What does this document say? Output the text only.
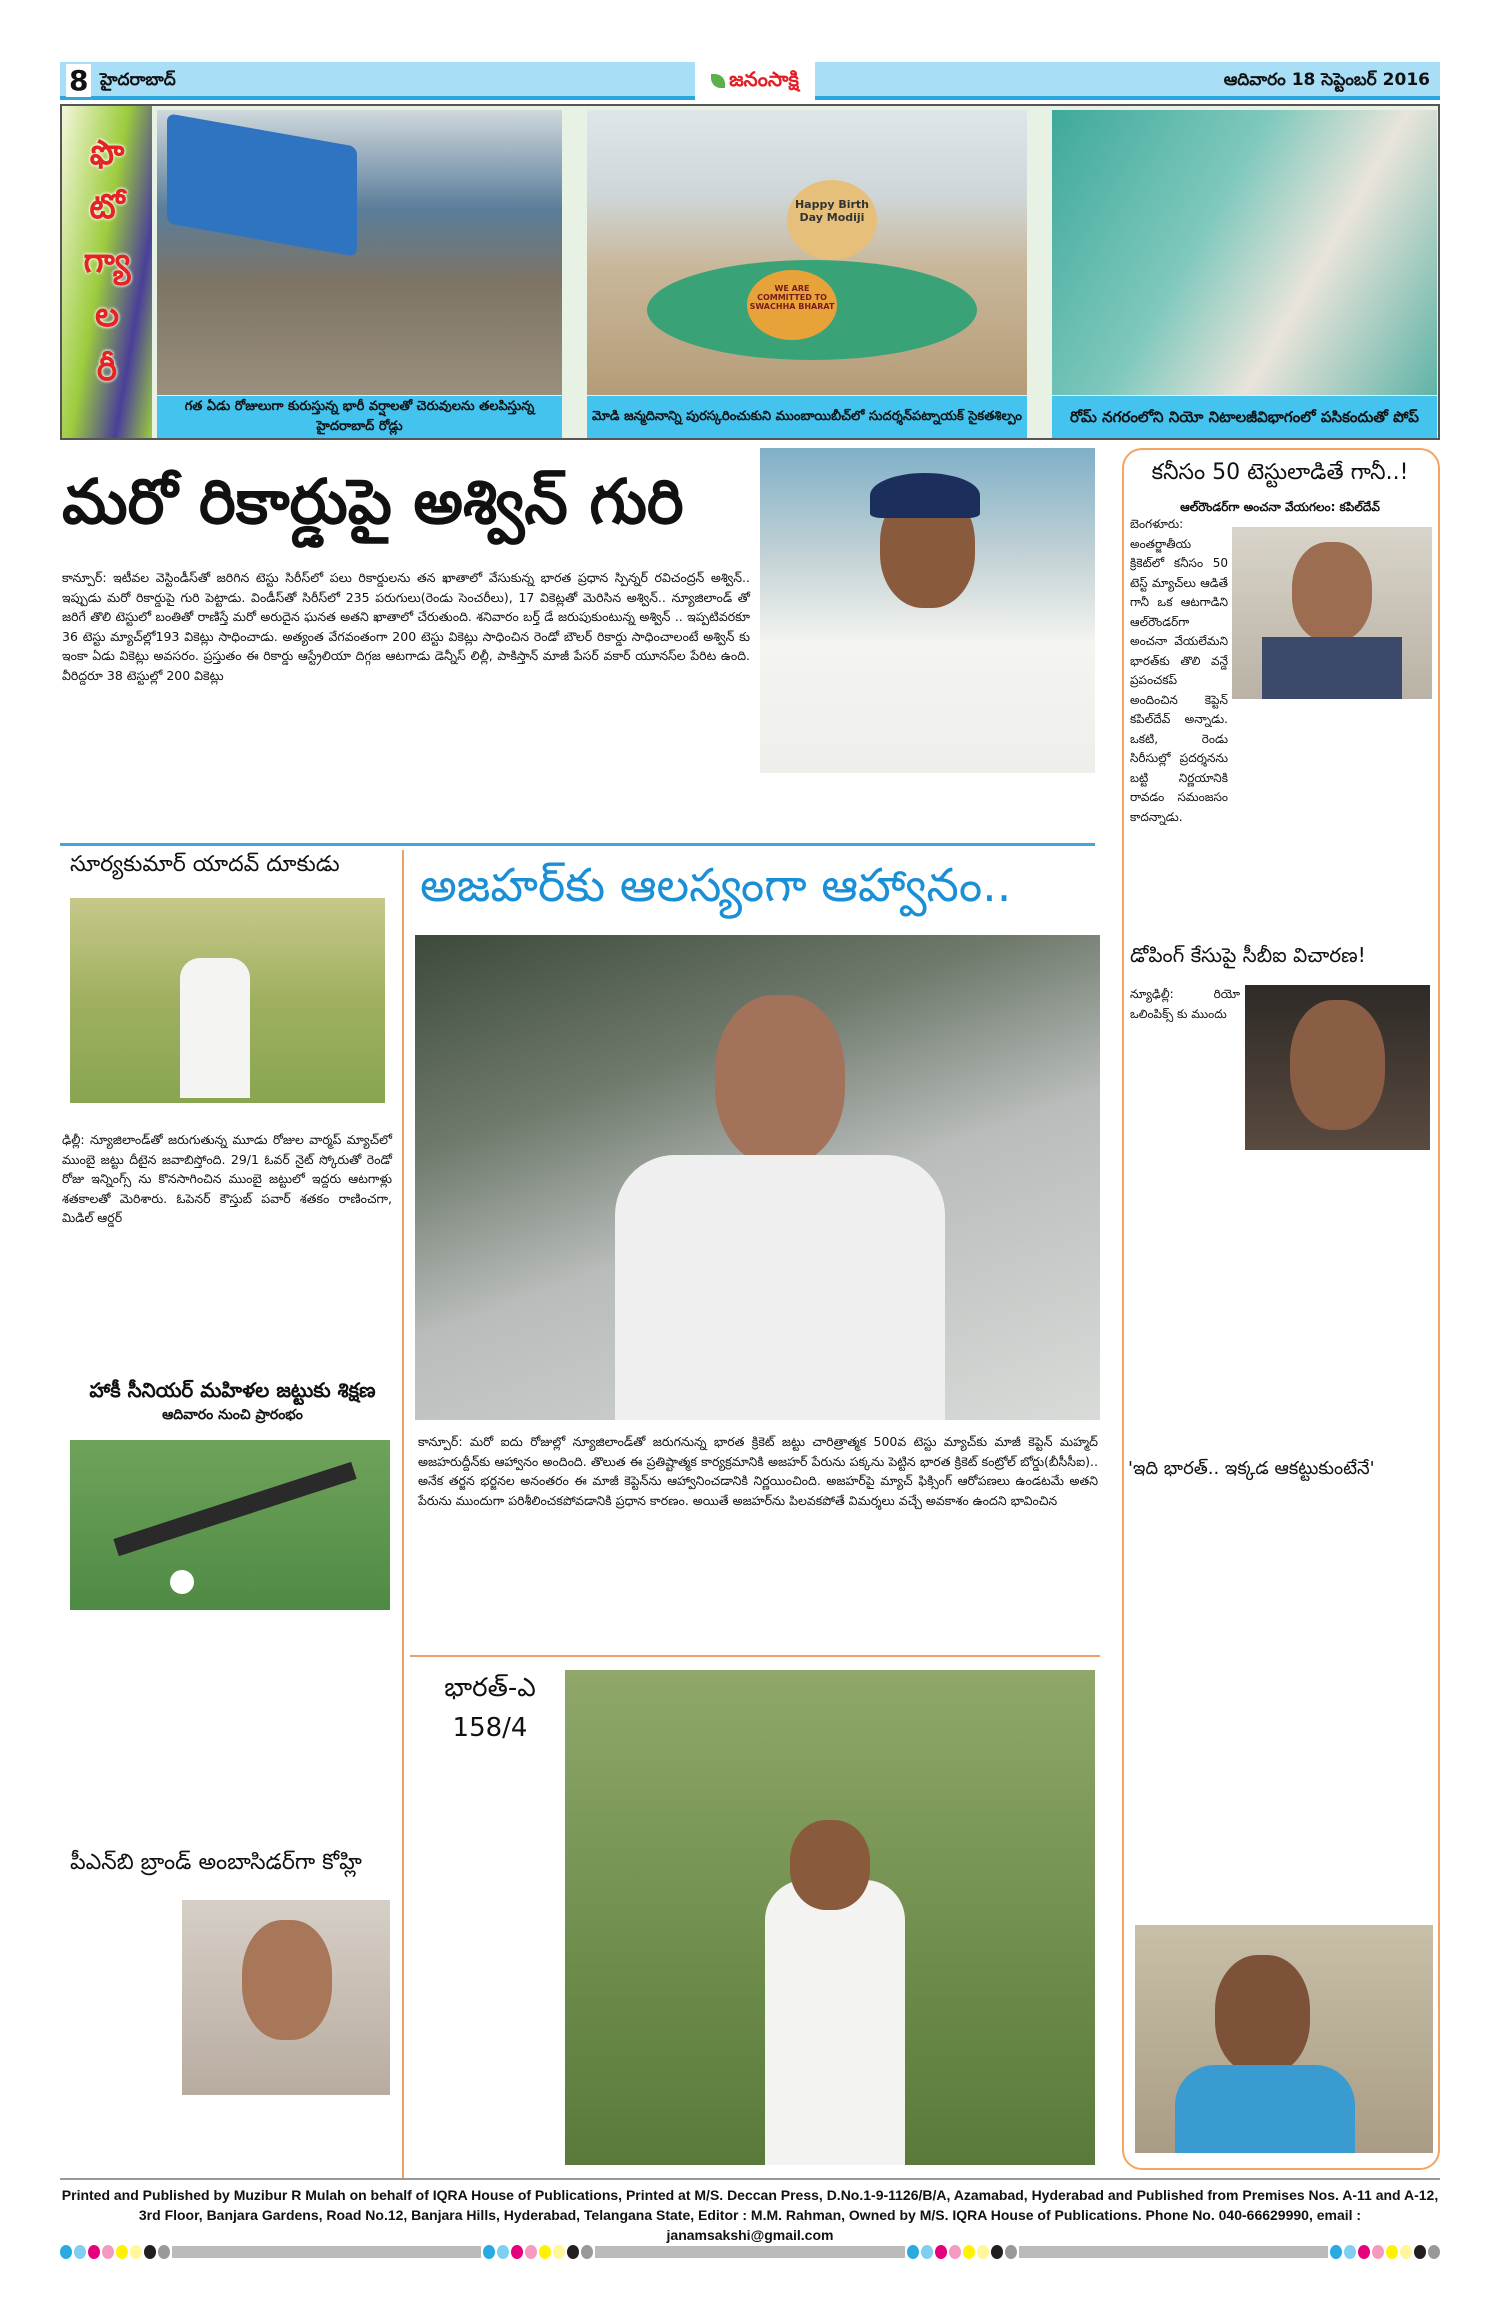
8 హైదరాబాద్	జనంసాక్షి	ఆదివారం 18 సెప్టెంబర్ 2016
ఫొ
టో
గ్యా
ల
రీ
Happy Birth Day Modiji
WE ARE COMMITTED TO SWACHHA BHARAT
గత ఏడు రోజులుగా కురుస్తున్న భారీ వర్షాలతో చెరువులను తలపిస్తున్న హైదరాబాద్ రోడ్లు
మోడి జన్మదినాన్ని పురస్కరించుకుని ముంబాయిబీచ్‌లో సుదర్శన్‌పట్నాయక్ సైకతశిల్పం	రోమ్ నగరంలోని నియో నిటాలజీవిభాగంలో పసికందుతో పోప్
మరో రికార్డుపై అశ్విన్ గురి

కాన్పూర్: ఇటీవల వెస్టిండీస్‌తో జరిగిన టెస్టు సిరీస్‌లో పలు రికార్డులను తన ఖాతాలో వేసుకున్న భారత ప్రధాన స్పిన్నర్ రవిచంద్రన్ అశ్విన్.. ఇప్పుడు మరో రికార్డుపై గురి పెట్టాడు. విండీస్‌తో సిరీస్‌లో 235 పరుగులు(రెండు సెంచరీలు), 17 వికెట్లతో మెరిసిన అశ్విన్.. న్యూజిలాండ్ తో జరిగే తొలి టెస్టులో బంతితో రాణిస్తే మరో అరుదైన ఘనత అతని ఖాతాలో చేరుతుంది. శనివారం బర్త్ డే జరుపుకుంటున్న అశ్విన్ .. ఇప్పటివరకూ 36 టెస్టు మ్యాచ్‌ల్లో193 వికెట్లు సాధించాడు. అత్యంత వేగవంతంగా 200 టెస్టు వికెట్లు సాధించిన రెండో బౌలర్ రికార్డు సాధించాలంటే అశ్విన్ కు ఇంకా ఏడు వికెట్లు అవసరం. ప్రస్తుతం ఈ రికార్డు ఆస్ట్రేలియా దిగ్గజ ఆటగాడు డెన్నీస్ లిల్లీ, పాకిస్తాన్ మాజీ పేసర్ వకార్ యూనస్‌ల పేరిట ఉంది. వీరిద్దరూ 38 టెస్టుల్లో 200 వికెట్లు

సూర్యకుమార్ యాదవ్ దూకుడు

ఢిల్లీ: న్యూజిలాండ్‌తో జరుగుతున్న మూడు రోజుల వార్మప్ మ్యాచ్‌లో ముంబై జట్టు దీటైన జవాబిస్తోంది. 29/1 ఓవర్ నైట్ స్కోరుతో రెండో రోజు ఇన్నింగ్స్ ను కొనసాగించిన ముంబై జట్టులో ఇద్దరు ఆటగాళ్లు శతకాలతో మెరిశారు. ఓపెనర్ కౌస్తుబ్ పవార్ శతకం రాణించగా, మిడిల్ ఆర్డర్

అజహర్‌కు ఆలస్యంగా ఆహ్వానం..

కాన్పూర్: మరో ఐదు రోజుల్లో న్యూజిలాండ్‌తో జరుగనున్న భారత క్రికెట్ జట్టు చారిత్రాత్మక 500వ టెస్టు మ్యాచ్‌కు మాజీ కెప్టెన్ మహ్మద్ అజహరుద్దీన్‌కు ఆహ్వానం అందింది. తొలుత ఈ ప్రతిష్టాత్మక కార్యక్రమానికి అజహర్ పేరును పక్కను పెట్టిన భారత క్రికెట్ కంట్రోల్ బోర్డు(బీసీసీఐ).. అనేక తర్జన భర్జనల అనంతరం ఈ మాజీ కెప్టెన్‌ను ఆహ్వానించడానికి నిర్ణయించింది. అజహర్‌పై మ్యాచ్ ఫిక్సింగ్ ఆరోపణలు ఉండటమే అతని పేరును ముందుగా పరిశీలించకపోవడానికి ప్రధాన కారణం. అయితే అజహర్‌ను పిలవకపోతే విమర్శలు వచ్చే అవకాశం ఉందని భావించిన

హాకీ సీనియర్ మహిళల జట్టుకు శిక్షణ
ఆదివారం నుంచి ప్రారంభం
పీఎన్‌బి బ్రాండ్ అంబాసిడర్‌గా కోహ్లి
భారత్-ఎ
158/4
కనీసం 50 టెస్టులాడితే గానీ..!
ఆల్‌రౌండర్‌గా అంచనా వేయగలం: కపిల్‌దేవ్

బెంగళూరు: అంతర్జాతీయ క్రికెట్‌లో కనీసం 50 టెస్ట్ మ్యాచ్‌లు ఆడితే గానీ ఒక ఆటగాడిని ఆల్‌రౌండర్‌గా అంచనా వేయలేమని భారత్‌కు తొలి వన్డే ప్రపంచకప్ అందించిన కెప్టెన్ కపిల్‌దేవ్ అన్నాడు. ఒకటి, రెండు సిరీసుల్లో ప్రదర్శనను బట్టి నిర్ణయానికి రావడం సమంజసం కాదన్నాడు.

డోపింగ్ కేసుపై సీబీఐ విచారణ!

న్యూఢిల్లీ: రియో ఒలింపిక్స్ కు ముందు

'ఇది భారత్.. ఇక్కడ ఆకట్టుకుంటేనే'

Printed and Published by Muzibur R Mulah on behalf of IQRA House of Publications, Printed at M/S. Deccan Press, D.No.1-9-1126/B/A, Azamabad, Hyderabad and Published from Premises Nos. A-11 and A-12, 3rd Floor, Banjara Gardens, Road No.12, Banjara Hills, Hyderabad, Telangana State, Editor : M.M. Rahman, Owned by M/S. IQRA House of Publications. Phone No. 040-66629990, email : janamsakshi@gmail.com
